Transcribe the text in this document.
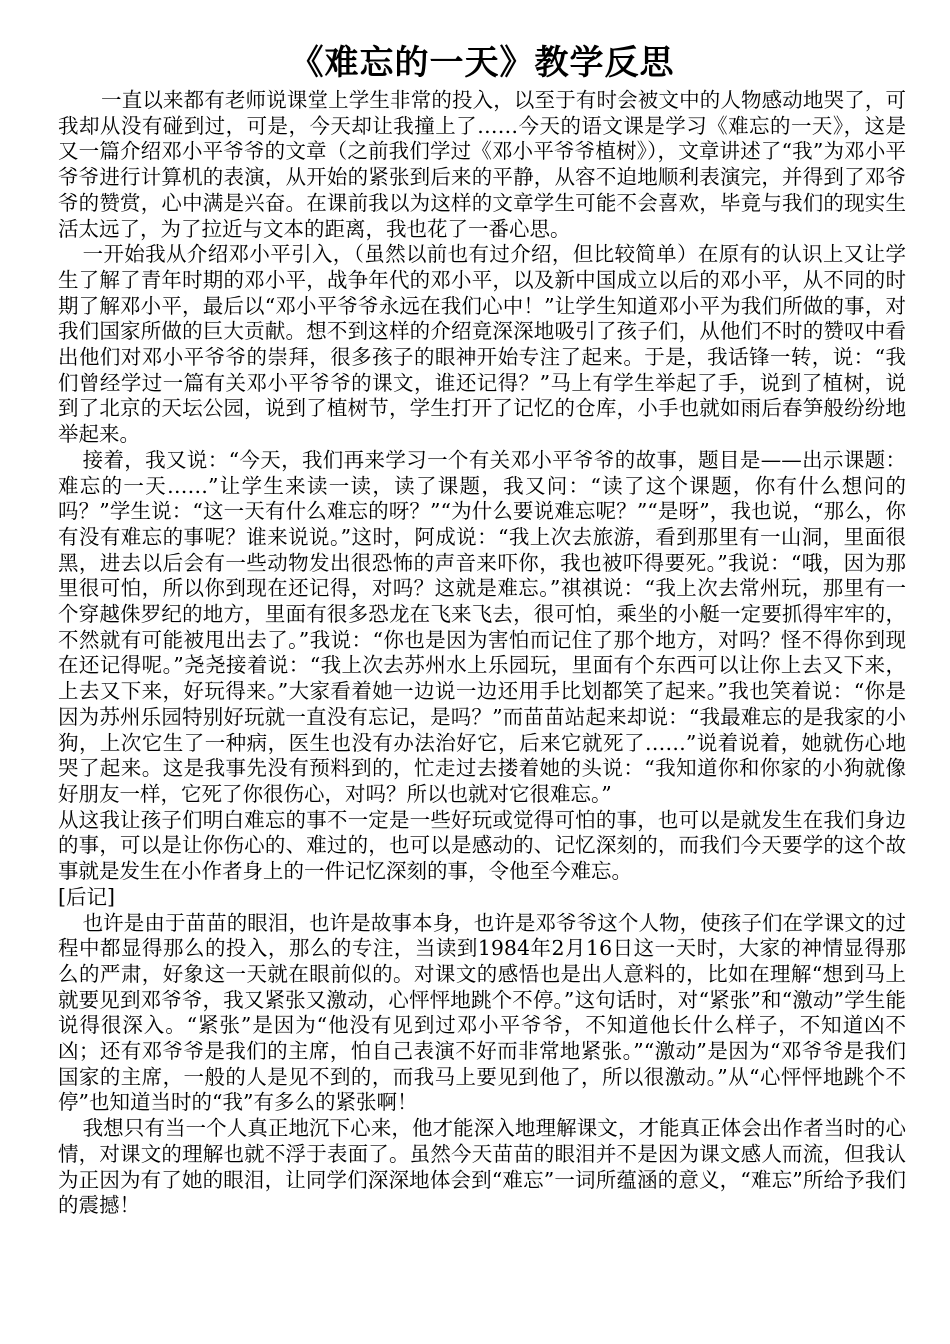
《难忘的一天》教学反思

一直以来都有老师说课堂上学生非常的投入，以至于有时会被文中的人物感动地哭了，可我却从没有碰到过，可是，今天却让我撞上了……今天的语文课是学习《难忘的一天》，这是又一篇介绍邓小平爷爷的文章（之前我们学过《邓小平爷爷植树》），文章讲述了“我”为邓小平爷爷进行计算机的表演，从开始的紧张到后来的平静，从容不迫地顺利表演完，并得到了邓爷爷的赞赏，心中满是兴奋。在课前我以为这样的文章学生可能不会喜欢，毕竟与我们的现实生活太远了，为了拉近与文本的距离，我也花了一番心思。

一开始我从介绍邓小平引入，（虽然以前也有过介绍，但比较简单）在原有的认识上又让学生了解了青年时期的邓小平，战争年代的邓小平，以及新中国成立以后的邓小平，从不同的时期了解邓小平，最后以“邓小平爷爷永远在我们心中！”让学生知道邓小平为我们所做的事，对我们国家所做的巨大贡献。想不到这样的介绍竟深深地吸引了孩子们，从他们不时的赞叹中看出他们对邓小平爷爷的崇拜，很多孩子的眼神开始专注了起来。于是，我话锋一转，说：“我们曾经学过一篇有关邓小平爷爷的课文，谁还记得？”马上有学生举起了手，说到了植树，说到了北京的天坛公园，说到了植树节，学生打开了记忆的仓库，小手也就如雨后春笋般纷纷地举起来。

接着，我又说：“今天，我们再来学习一个有关邓小平爷爷的故事，题目是——出示课题：难忘的一天……”让学生来读一读，读了课题，我又问：“读了这个课题，你有什么想问的吗？”学生说：“这一天有什么难忘的呀？”“为什么要说难忘呢？”“是呀”，我也说，“那么，你有没有难忘的事呢？谁来说说。”这时，阿成说：“我上次去旅游，看到那里有一山洞，里面很黑，进去以后会有一些动物发出很恐怖的声音来吓你，我也被吓得要死。”我说：“哦，因为那里很可怕，所以你到现在还记得，对吗？这就是难忘。”祺祺说：“我上次去常州玩，那里有一个穿越侏罗纪的地方，里面有很多恐龙在飞来飞去，很可怕，乘坐的小艇一定要抓得牢牢的，不然就有可能被甩出去了。”我说：“你也是因为害怕而记住了那个地方，对吗？怪不得你到现在还记得呢。”尧尧接着说：“我上次去苏州水上乐园玩，里面有个东西可以让你上去又下来，上去又下来，好玩得来。”大家看着她一边说一边还用手比划都笑了起来。”我也笑着说：“你是因为苏州乐园特别好玩就一直没有忘记，是吗？”而苗苗站起来却说：“我最难忘的是我家的小狗，上次它生了一种病，医生也没有办法治好它，后来它就死了……”说着说着，她就伤心地哭了起来。这是我事先没有预料到的，忙走过去搂着她的头说：“我知道你和你家的小狗就像好朋友一样，它死了你很伤心，对吗？所以也就对它很难忘。”

从这我让孩子们明白难忘的事不一定是一些好玩或觉得可怕的事，也可以是就发生在我们身边的事，可以是让你伤心的、难过的，也可以是感动的、记忆深刻的，而我们今天要学的这个故事就是发生在小作者身上的一件记忆深刻的事，令他至今难忘。

[后记]

也许是由于苗苗的眼泪，也许是故事本身，也许是邓爷爷这个人物，使孩子们在学课文的过程中都显得那么的投入，那么的专注，当读到1984年2月16日这一天时，大家的神情显得那么的严肃，好象这一天就在眼前似的。对课文的感悟也是出人意料的，比如在理解“想到马上就要见到邓爷爷，我又紧张又激动，心怦怦地跳个不停。”这句话时，对“紧张”和“激动”学生能说得很深入。“紧张”是因为“他没有见到过邓小平爷爷，不知道他长什么样子，不知道凶不凶；还有邓爷爷是我们的主席，怕自己表演不好而非常地紧张。”“激动”是因为“邓爷爷是我们国家的主席，一般的人是见不到的，而我马上要见到他了，所以很激动。”从“心怦怦地跳个不停”也知道当时的“我”有多么的紧张啊！

我想只有当一个人真正地沉下心来，他才能深入地理解课文，才能真正体会出作者当时的心情，对课文的理解也就不浮于表面了。虽然今天苗苗的眼泪并不是因为课文感人而流，但我认为正因为有了她的眼泪，让同学们深深地体会到“难忘”一词所蕴涵的意义，“难忘”所给予我们的震撼！
